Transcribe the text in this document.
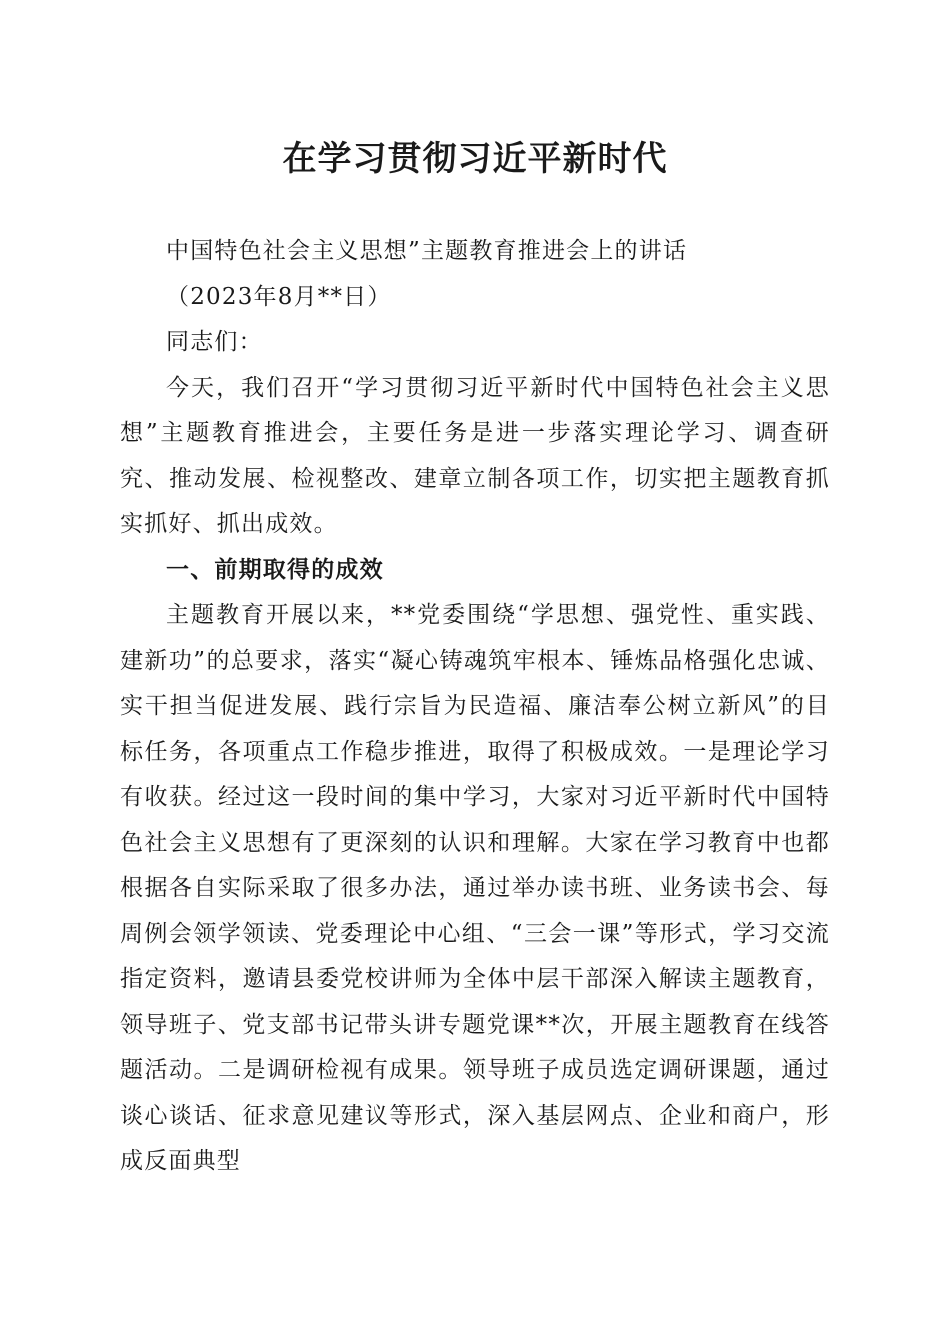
在学习贯彻习近平新时代

中国特色社会主义思想”主题教育推进会上的讲话

（2023年8月**日）

同志们：

今天，我们召开“学习贯彻习近平新时代中国特色社会主义思想”主题教育推进会，主要任务是进一步落实理论学习、调查研究、推动发展、检视整改、建章立制各项工作，切实把主题教育抓实抓好、抓出成效。

一、前期取得的成效

主题教育开展以来，**党委围绕“学思想、强党性、重实践、建新功”的总要求，落实“凝心铸魂筑牢根本、锤炼品格强化忠诚、实干担当促进发展、践行宗旨为民造福、廉洁奉公树立新风”的目标任务，各项重点工作稳步推进，取得了积极成效。一是理论学习有收获。经过这一段时间的集中学习，大家对习近平新时代中国特色社会主义思想有了更深刻的认识和理解。大家在学习教育中也都根据各自实际采取了很多办法，通过举办读书班、业务读书会、每周例会领学领读、党委理论中心组、“三会一课”等形式，学习交流指定资料，邀请县委党校讲师为全体中层干部深入解读主题教育，领导班子、党支部书记带头讲专题党课**次，开展主题教育在线答题活动。二是调研检视有成果。领导班子成员选定调研课题，通过谈心谈话、征求意见建议等形式，深入基层网点、企业和商户，形成反面典型
